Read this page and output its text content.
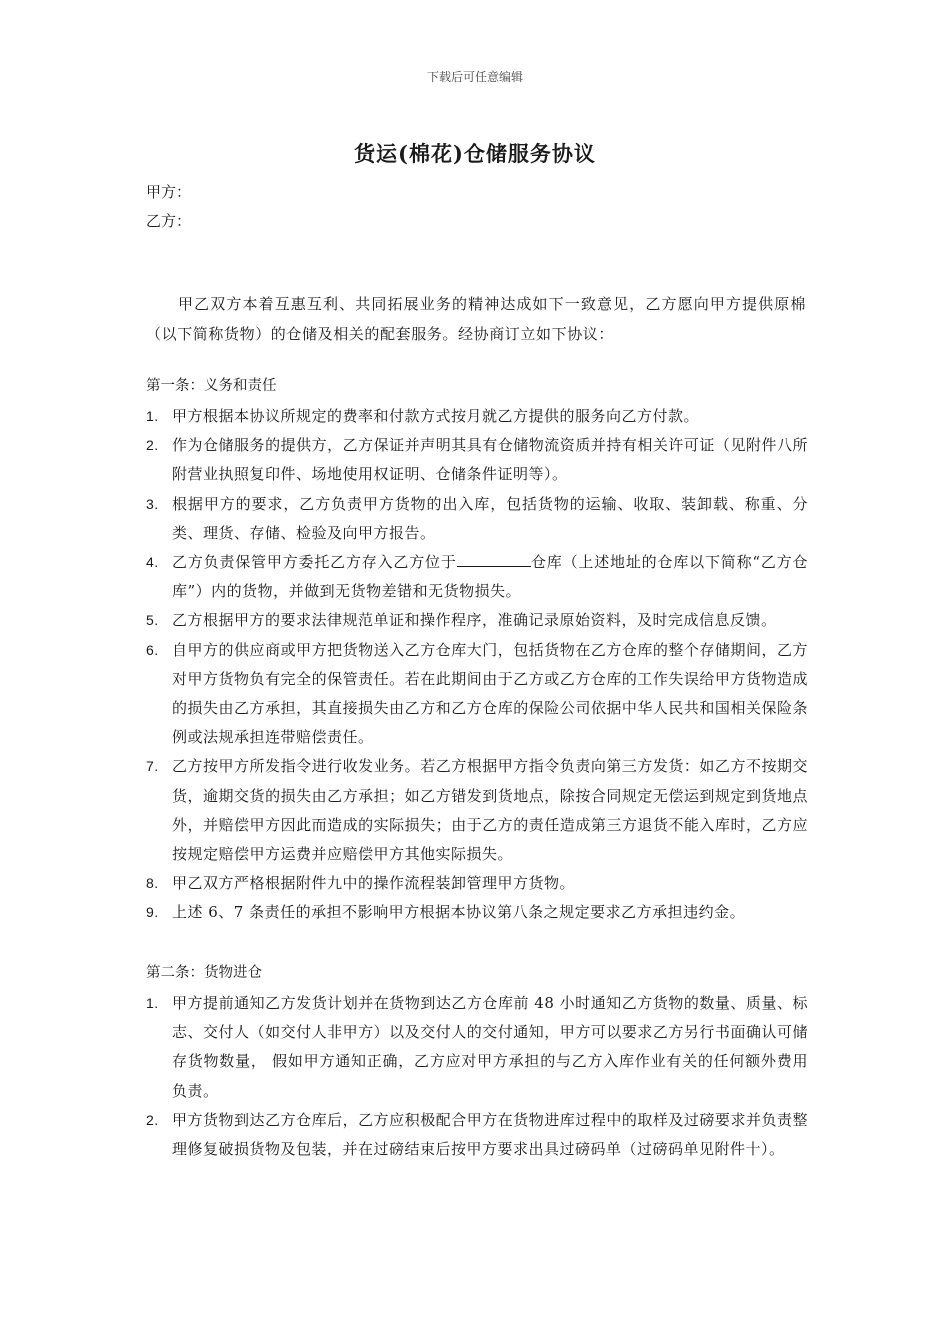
下载后可任意编辑
货运(棉花)仓储服务协议
甲方：
乙方：
甲乙双方本着互惠互利、共同拓展业务的精神达成如下一致意见，乙方愿向甲方提供原棉（以下简称货物）的仓储及相关的配套服务。经协商订立如下协议：
第一条：义务和责任
1. 甲方根据本协议所规定的费率和付款方式按月就乙方提供的服务向乙方付款。
2. 作为仓储服务的提供方，乙方保证并声明其具有仓储物流资质并持有相关许可证（见附件八所附营业执照复印件、场地使用权证明、仓储条件证明等）。
3. 根据甲方的要求，乙方负责甲方货物的出入库，包括货物的运输、收取、装卸载、称重、分类、理货、存储、检验及向甲方报告。
4. 乙方负责保管甲方委托乙方存入乙方位于	仓库（上述地址的仓库以下简称“乙方仓库”）内的货物，并做到无货物差错和无货物损失。
5. 乙方根据甲方的要求法律规范单证和操作程序，准确记录原始资料，及时完成信息反馈。
6. 自甲方的供应商或甲方把货物送入乙方仓库大门，包括货物在乙方仓库的整个存储期间，乙方对甲方货物负有完全的保管责任。若在此期间由于乙方或乙方仓库的工作失误给甲方货物造成的损失由乙方承担，其直接损失由乙方和乙方仓库的保险公司依据中华人民共和国相关保险条例或法规承担连带赔偿责任。
7. 乙方按甲方所发指令进行收发业务。若乙方根据甲方指令负责向第三方发货：如乙方不按期交货，逾期交货的损失由乙方承担；如乙方错发到货地点，除按合同规定无偿运到规定到货地点外，并赔偿甲方因此而造成的实际损失；由于乙方的责任造成第三方退货不能入库时，乙方应按规定赔偿甲方运费并应赔偿甲方其他实际损失。
8. 甲乙双方严格根据附件九中的操作流程装卸管理甲方货物。
9. 上述 6、7 条责任的承担不影响甲方根据本协议第八条之规定要求乙方承担违约金。
第二条：货物进仓
1. 甲方提前通知乙方发货计划并在货物到达乙方仓库前 48 小时通知乙方货物的数量、质量、标志、交付人（如交付人非甲方）以及交付人的交付通知，甲方可以要求乙方另行书面确认可储存货物数量， 假如甲方通知正确，乙方应对甲方承担的与乙方入库作业有关的任何额外费用负责。
2. 甲方货物到达乙方仓库后，乙方应积极配合甲方在货物进库过程中的取样及过磅要求并负责整理修复破损货物及包装，并在过磅结束后按甲方要求出具过磅码单（过磅码单见附件十）。
